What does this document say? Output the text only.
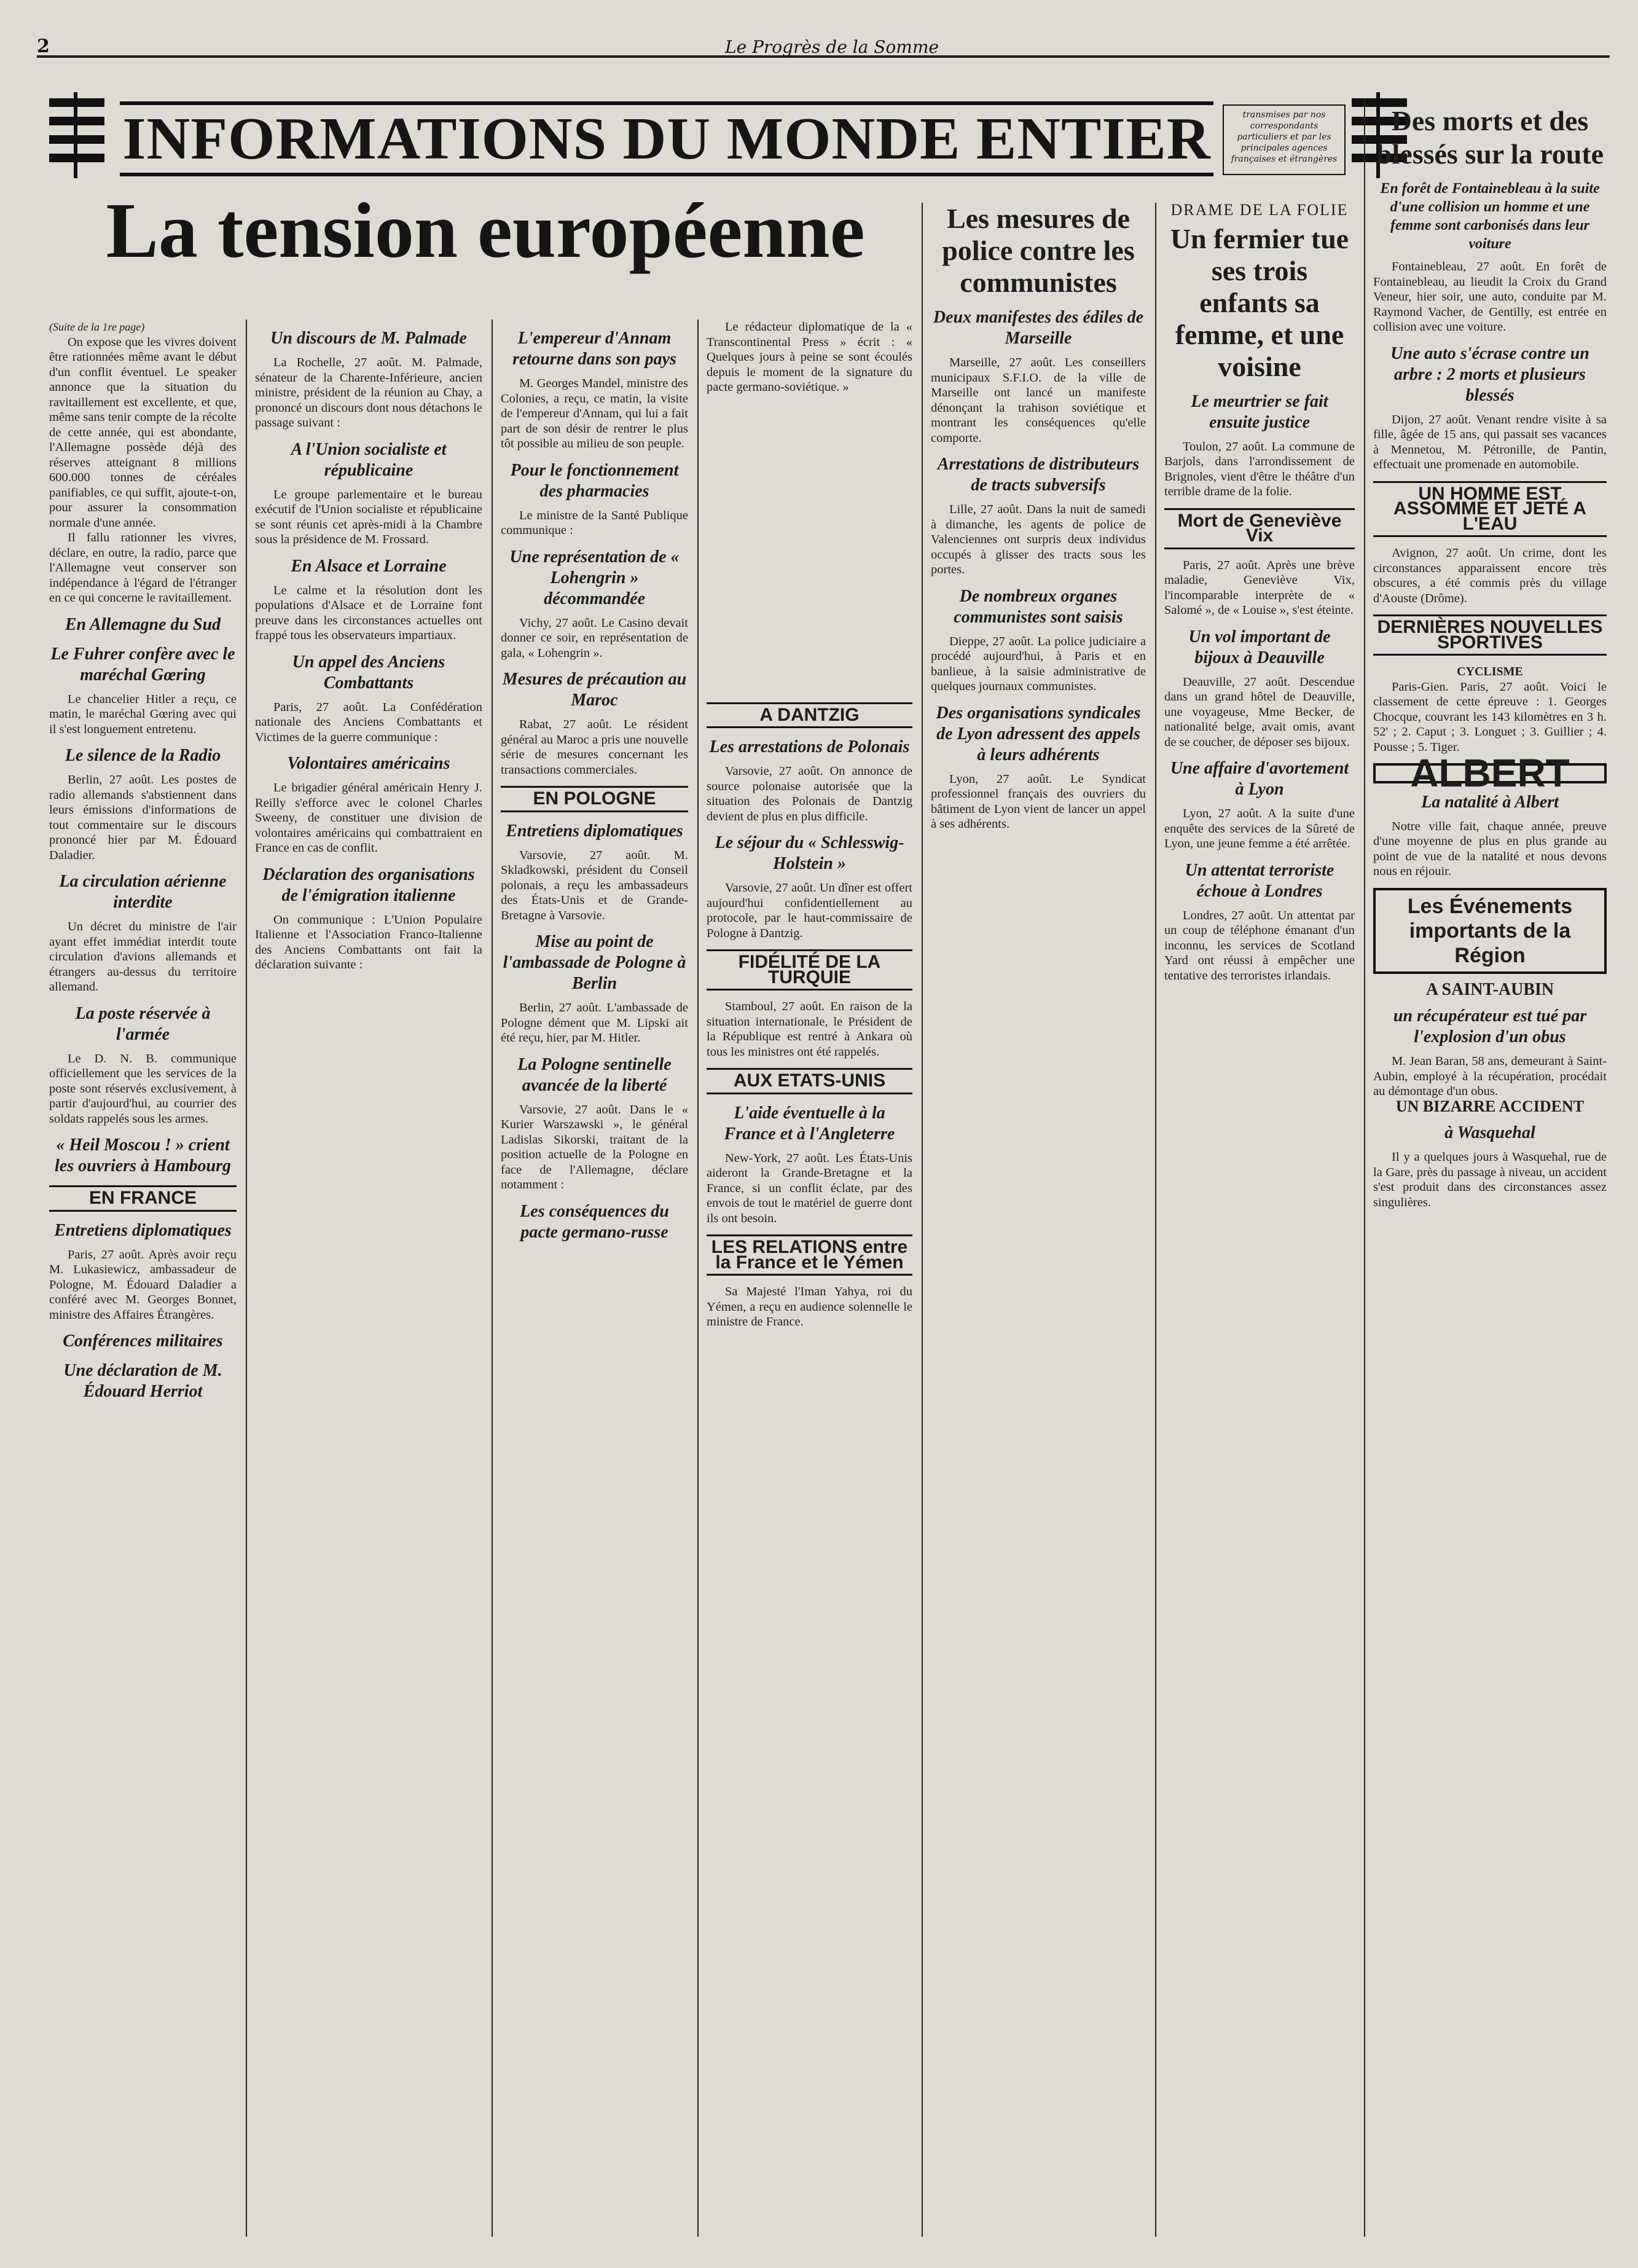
2	Le Progrès de la Somme
INFORMATIONS DU MONDE ENTIER	transmises par nos correspondants particuliers et par les principales agences françaises et étrangères
La tension européenne
(Suite de la 1re page)

On expose que les vivres doivent être rationnées même avant le début d'un conflit éventuel. Le speaker annonce que la situation du ravitaillement est excellente, et que, même sans tenir compte de la récolte de cette année, qui est abondante, l'Allemagne possède déjà des réserves atteignant 8 millions 600.000 tonnes de céréales panifiables, ce qui suffit, ajoute-t-on, pour assurer la consommation normale d'une année.

Il fallu rationner les vivres, déclare, en outre, la radio, parce que l'Allemagne veut conserver son indépendance à l'égard de l'étranger en ce qui concerne le ravitaillement.

En Allemagne du Sud
Le Fuhrer confère avec le maréchal Gœring

Le chancelier Hitler a reçu, ce matin, le maréchal Gœring avec qui il s'est longuement entretenu.

Le silence de la Radio

Berlin, 27 août. Les postes de radio allemands s'abstiennent dans leurs émissions d'informations de tout commentaire sur le discours prononcé hier par M. Édouard Daladier.

La circulation aérienne interdite

Un décret du ministre de l'air ayant effet immédiat interdit toute circulation d'avions allemands et étrangers au-dessus du territoire allemand.

La poste réservée à l'armée

Le D. N. B. communique officiellement que les services de la poste sont réservés exclusivement, à partir d'aujourd'hui, au courrier des soldats rappelés sous les armes.

« Heil Moscou ! » crient les ouvriers à Hambourg
EN FRANCE
Entretiens diplomatiques

Paris, 27 août. Après avoir reçu M. Lukasiewicz, ambassadeur de Pologne, M. Édouard Daladier a conféré avec M. Georges Bonnet, ministre des Affaires Étrangères.

Conférences militaires
Une déclaration de M. Édouard Herriot
Un discours de M. Palmade

La Rochelle, 27 août. M. Palmade, sénateur de la Charente-Inférieure, ancien ministre, président de la réunion au Chay, a prononcé un discours dont nous détachons le passage suivant :

A l'Union socialiste et républicaine

Le groupe parlementaire et le bureau exécutif de l'Union socialiste et républicaine se sont réunis cet après-midi à la Chambre sous la présidence de M. Frossard.

En Alsace et Lorraine

Le calme et la résolution dont les populations d'Alsace et de Lorraine font preuve dans les circonstances actuelles ont frappé tous les observateurs impartiaux.

Un appel des Anciens Combattants

Paris, 27 août. La Confédération nationale des Anciens Combattants et Victimes de la guerre communique :

Volontaires américains

Le brigadier général américain Henry J. Reilly s'efforce avec le colonel Charles Sweeny, de constituer une division de volontaires américains qui combattraient en France en cas de conflit.

Déclaration des organisations de l'émigration italienne

On communique : L'Union Populaire Italienne et l'Association Franco-Italienne des Anciens Combattants ont fait la déclaration suivante :

L'empereur d'Annam retourne dans son pays

M. Georges Mandel, ministre des Colonies, a reçu, ce matin, la visite de l'empereur d'Annam, qui lui a fait part de son désir de rentrer le plus tôt possible au milieu de son peuple.

Pour le fonctionnement des pharmacies

Le ministre de la Santé Publique communique :

Une représentation de « Lohengrin » décommandée

Vichy, 27 août. Le Casino devait donner ce soir, en représentation de gala, « Lohengrin ».

Mesures de précaution au Maroc

Rabat, 27 août. Le résident général au Maroc a pris une nouvelle série de mesures concernant les transactions commerciales.

EN POLOGNE
Entretiens diplomatiques

Varsovie, 27 août. M. Skladkowski, président du Conseil polonais, a reçu les ambassadeurs des États-Unis et de Grande-Bretagne à Varsovie.

Mise au point de l'ambassade de Pologne à Berlin

Berlin, 27 août. L'ambassade de Pologne dément que M. Lipski ait été reçu, hier, par M. Hitler.

La Pologne sentinelle avancée de la liberté

Varsovie, 27 août. Dans le « Kurier Warszawski », le général Ladislas Sikorski, traitant de la position actuelle de la Pologne en face de l'Allemagne, déclare notamment :

Les conséquences du pacte germano-russe

Le rédacteur diplomatique de la « Transcontinental Press » écrit : « Quelques jours à peine se sont écoulés depuis le moment de la signature du pacte germano-soviétique. »

A DANTZIG
Les arrestations de Polonais

Varsovie, 27 août. On annonce de source polonaise autorisée que la situation des Polonais de Dantzig devient de plus en plus difficile.

Le séjour du « Schlesswig-Holstein »

Varsovie, 27 août. Un dîner est offert aujourd'hui confidentiellement au protocole, par le haut-commissaire de Pologne à Dantzig.

FIDÉLITÉ DE LA TURQUIE

Stamboul, 27 août. En raison de la situation internationale, le Président de la République est rentré à Ankara où tous les ministres ont été rappelés.

AUX ETATS-UNIS
L'aide éventuelle à la France et à l'Angleterre

New-York, 27 août. Les États-Unis aideront la Grande-Bretagne et la France, si un conflit éclate, par des envois de tout le matériel de guerre dont ils ont besoin.

LES RELATIONS entre la France et le Yémen

Sa Majesté l'Iman Yahya, roi du Yémen, a reçu en audience solennelle le ministre de France.

Les mesures de police contre les communistes
Deux manifestes des édiles de Marseille

Marseille, 27 août. Les conseillers municipaux S.F.I.O. de la ville de Marseille ont lancé un manifeste dénonçant la trahison soviétique et montrant les conséquences qu'elle comporte.

Arrestations de distributeurs de tracts subversifs

Lille, 27 août. Dans la nuit de samedi à dimanche, les agents de police de Valenciennes ont surpris deux individus occupés à glisser des tracts sous les portes.

De nombreux organes communistes sont saisis

Dieppe, 27 août. La police judiciaire a procédé aujourd'hui, à Paris et en banlieue, à la saisie administrative de quelques journaux communistes.

Des organisations syndicales de Lyon adressent des appels à leurs adhérents

Lyon, 27 août. Le Syndicat professionnel français des ouvriers du bâtiment de Lyon vient de lancer un appel à ses adhérents.

DRAME DE LA FOLIE
Un fermier tue ses trois enfants sa femme, et une voisine
Le meurtrier se fait ensuite justice

Toulon, 27 août. La commune de Barjols, dans l'arrondissement de Brignoles, vient d'être le théâtre d'un terrible drame de la folie.

Mort de Geneviève Vix

Paris, 27 août. Après une brève maladie, Geneviève Vix, l'incomparable interprète de « Salomé », de « Louise », s'est éteinte.

Un vol important de bijoux à Deauville

Deauville, 27 août. Descendue dans un grand hôtel de Deauville, une voyageuse, Mme Becker, de nationalité belge, avait omis, avant de se coucher, de déposer ses bijoux.

Une affaire d'avortement à Lyon

Lyon, 27 août. A la suite d'une enquête des services de la Sûreté de Lyon, une jeune femme a été arrêtée.

Un attentat terroriste échoue à Londres

Londres, 27 août. Un attentat par un coup de téléphone émanant d'un inconnu, les services de Scotland Yard ont réussi à empêcher une tentative des terroristes irlandais.

Des morts et des blessés sur la route
En forêt de Fontainebleau à la suite d'une collision un homme et une femme sont carbonisés dans leur voiture

Fontainebleau, 27 août. En forêt de Fontainebleau, au lieudit la Croix du Grand Veneur, hier soir, une auto, conduite par M. Raymond Vacher, de Gentilly, est entrée en collision avec une voiture.

Une auto s'écrase contre un arbre : 2 morts et plusieurs blessés

Dijon, 27 août. Venant rendre visite à sa fille, âgée de 15 ans, qui passait ses vacances à Mennetou, M. Pétronille, de Pantin, effectuait une promenade en automobile.

UN HOMME EST ASSOMMÉ ET JETÉ A L'EAU

Avignon, 27 août. Un crime, dont les circonstances apparaissent encore très obscures, a été commis près du village d'Aouste (Drôme).

DERNIÈRES NOUVELLES SPORTIVES
CYCLISME

Paris-Gien. Paris, 27 août. Voici le classement de cette épreuve : 1. Georges Chocque, couvrant les 143 kilomètres en 3 h. 52' ; 2. Caput ; 3. Longuet ; 3. Guillier ; 4. Pousse ; 5. Tiger.

ALBERT
La natalité à Albert

Notre ville fait, chaque année, preuve d'une moyenne de plus en plus grande au point de vue de la natalité et nous devons nous en réjouir.

Les Événements importants de la Région
A SAINT-AUBIN
un récupérateur est tué par l'explosion d'un obus

M. Jean Baran, 58 ans, demeurant à Saint-Aubin, employé à la récupération, procédait au démontage d'un obus.

UN BIZARRE ACCIDENT
à Wasquehal

Il y a quelques jours à Wasquehal, rue de la Gare, près du passage à niveau, un accident s'est produit dans des circonstances assez singulières.
